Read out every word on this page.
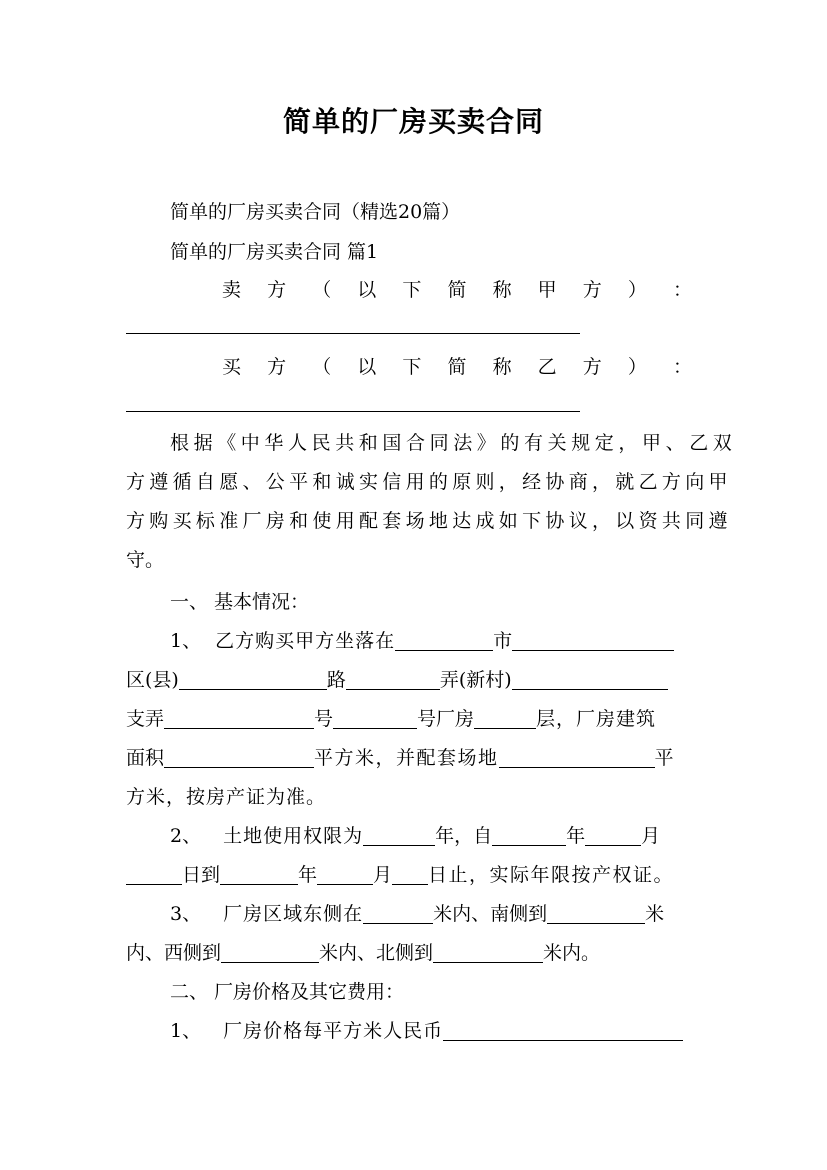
简单的厂房买卖合同
简单的厂房买卖合同（精选20篇）
简单的厂房买卖合同 篇1
卖 方 （ 以 下 简 称 甲 方 ） ：
买 方 （ 以 下 简 称 乙 方 ） ：
根据《中华人民共和国合同法》的有关规定，甲、乙双
方遵循自愿、公平和诚实信用的原则，经协商，就乙方向甲
方购买标准厂房和使用配套场地达成如下协议，以资共同遵
守。
一、 基本情况：
1、 乙方购买甲方坐落在	市
区(县)	路	弄(新村)
支弄	号	号厂房	层，厂房建筑
面积	平方米，并配套场地	平
方米，按房产证为准。
2、 土地使用权限为	年，自	年	月
日到	年	月 日止，实际年限按产权证。
3、 厂房区域东侧在	米内、南侧到	米
内、西侧到	米内、北侧到	米内。
二、 厂房价格及其它费用：
1、 厂房价格每平方米人民币
